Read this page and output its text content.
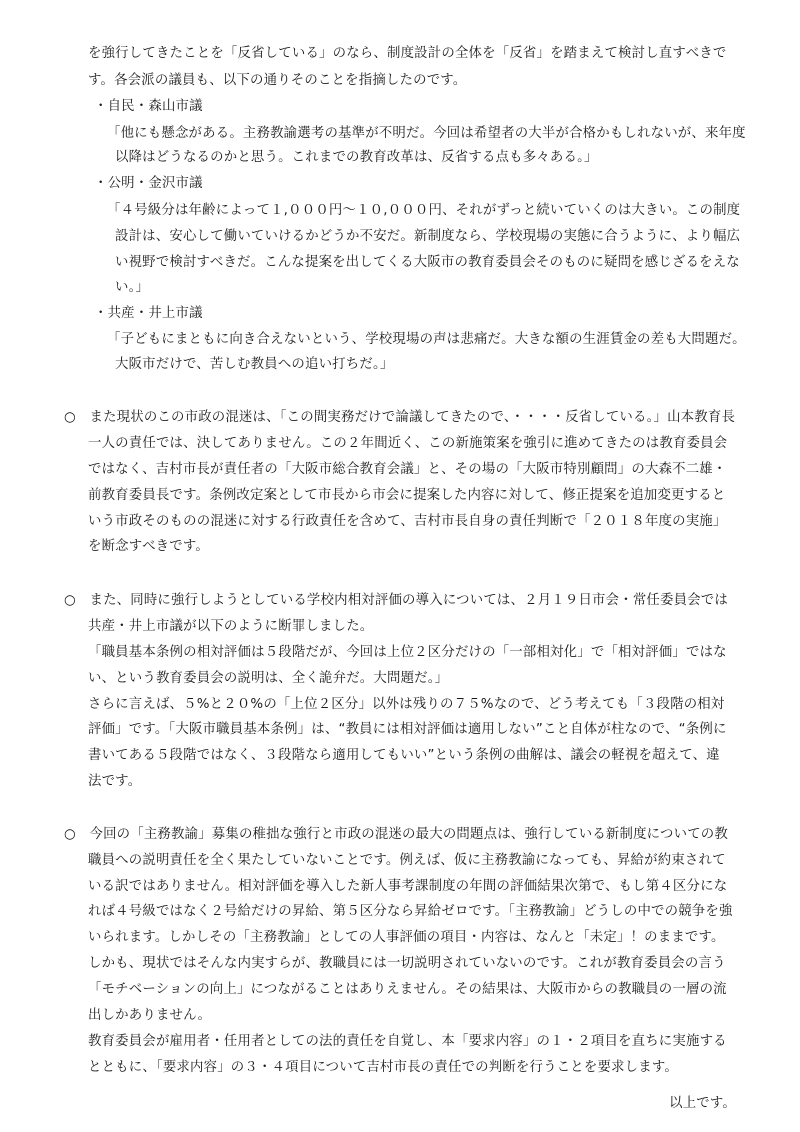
を強行してきたことを「反省している」のなら、制度設計の全体を「反省」を踏まえて検討し直すべきで
す。各会派の議員も、以下の通りそのことを指摘したのです。
・自民・森山市議
「他にも懸念がある。主務教諭選考の基準が不明だ。今回は希望者の大半が合格かもしれないが、来年度
以降はどうなるのかと思う。これまでの教育改革は、反省する点も多々ある。」
・公明・金沢市議
「４号級分は年齢によって１,０００円〜１０,０００円、それがずっと続いていくのは大きい。この制度
設計は、安心して働いていけるかどうか不安だ。新制度なら、学校現場の実態に合うように、より幅広
い視野で検討すべきだ。こんな提案を出してくる大阪市の教育委員会そのものに疑問を感じざるをえな
い。」
・共産・井上市議
「子どもにまともに向き合えないという、学校現場の声は悲痛だ。大きな額の生涯賃金の差も大問題だ。
大阪市だけで、苦しむ教員への追い打ちだ。」
○　また現状のこの市政の混迷は、「この間実務だけで論議してきたので、・・・・反省している。」山本教育長
一人の責任では、決してありません。この２年間近く、この新施策案を強引に進めてきたのは教育委員会
ではなく、吉村市長が責任者の「大阪市総合教育会議」と、その場の「大阪市特別顧問」の大森不二雄・
前教育委員長です。条例改定案として市長から市会に提案した内容に対して、修正提案を追加変更すると
いう市政そのものの混迷に対する行政責任を含めて、吉村市長自身の責任判断で「２０１８年度の実施」
を断念すべきです。
○　また、同時に強行しようとしている学校内相対評価の導入については、２月１９日市会・常任委員会では
共産・井上市議が以下のように断罪しました。
「職員基本条例の相対評価は５段階だが、今回は上位２区分だけの「一部相対化」で「相対評価」ではな
い、という教育委員会の説明は、全く詭弁だ。大問題だ。」
さらに言えば、５%と２０%の「上位２区分」以外は残りの７５%なので、どう考えても「３段階の相対
評価」です。「大阪市職員基本条例」は、“教員には相対評価は適用しない”こと自体が柱なので、“条例に
書いてある５段階ではなく、３段階なら適用してもいい”という条例の曲解は、議会の軽視を超えて、違
法です。
○　今回の「主務教諭」募集の稚拙な強行と市政の混迷の最大の問題点は、強行している新制度についての教
職員への説明責任を全く果たしていないことです。例えば、仮に主務教諭になっても、昇給が約束されて
いる訳ではありません。相対評価を導入した新人事考課制度の年間の評価結果次第で、もし第４区分にな
れば４号級ではなく２号給だけの昇給、第５区分なら昇給ゼロです。「主務教諭」どうしの中での競争を強
いられます。しかしその「主務教諭」としての人事評価の項目・内容は、なんと「未定」！のままです。
しかも、現状ではそんな内実すらが、教職員には一切説明されていないのです。これが教育委員会の言う
「モチベーションの向上」につながることはありえません。その結果は、大阪市からの教職員の一層の流
出しかありません。
教育委員会が雇用者・任用者としての法的責任を自覚し、本「要求内容」の１・２項目を直ちに実施する
とともに、「要求内容」の３・４項目について吉村市長の責任での判断を行うことを要求します。
以上です。
